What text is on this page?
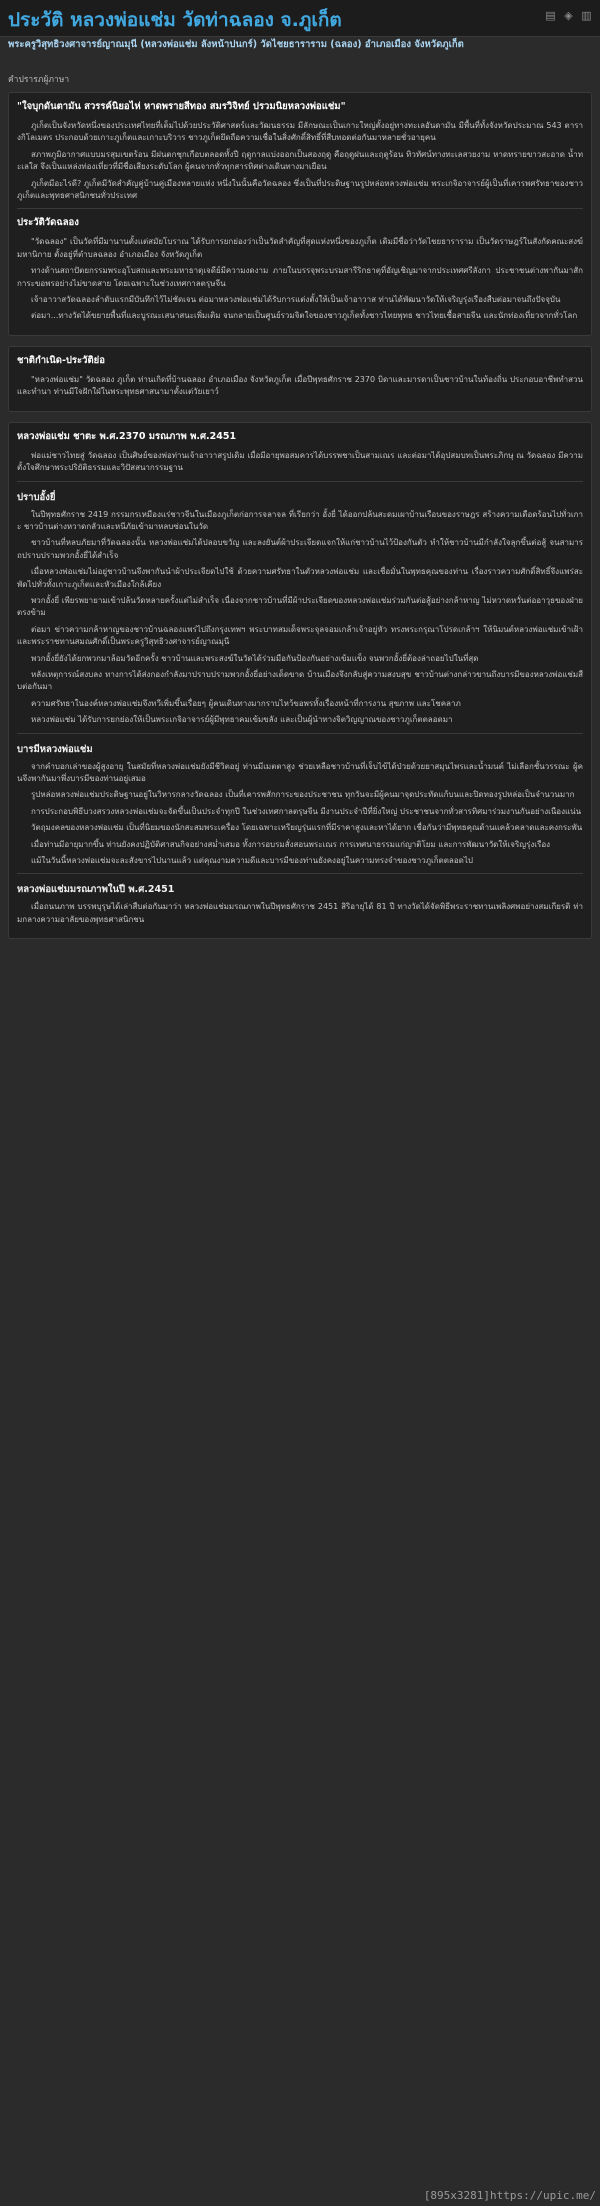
ประวัติ หลวงพ่อแช่ม วัดท่าฉลอง จ.ภูเก็ต	▤ ◈ ▥
พระครูวิสุทธิวงศาจารย์ญาณมุนี (หลวงพ่อแช่ม ลังหน้าปนกร์) วัดไชยธาราราม (ฉลอง) อำเภอเมือง จังหวัดภูเก็ต
คำปรารภผู้ภาษา
"ใจบุกดันตามัน สวรรค์นิยอไห่ หาดพรายสีทอง สมรวิจิทย์ ปรวมนิยหลวงพ่อแช่ม"

ภูเก็ตเป็นจังหวัดหนึ่งของประเทศไทยที่เต็มไปด้วยประวัติศาสตร์และวัฒนธรรม มีลักษณะเป็นเกาะใหญ่ตั้งอยู่ทางทะเลอันดามัน มีพื้นที่ทั้งจังหวัดประมาณ 543 ตารางกิโลเมตร ประกอบด้วยเกาะภูเก็ตและเกาะบริวาร ชาวภูเก็ตยึดถือความเชื่อในสิ่งศักดิ์สิทธิ์ที่สืบทอดต่อกันมาหลายชั่วอายุคน

สภาพภูมิอากาศแบบมรสุมเขตร้อน มีฝนตกชุกเกือบตลอดทั้งปี ฤดูกาลแบ่งออกเป็นสองฤดู คือฤดูฝนและฤดูร้อน ทิวทัศน์ทางทะเลสวยงาม หาดทรายขาวสะอาด น้ำทะเลใส จึงเป็นแหล่งท่องเที่ยวที่มีชื่อเสียงระดับโลก ผู้คนจากทั่วทุกสารทิศต่างเดินทางมาเยือน

ภูเก็ตมีอะไรดี? ภูเก็ตมีวัดสำคัญคู่บ้านคู่เมืองหลายแห่ง หนึ่งในนั้นคือวัดฉลอง ซึ่งเป็นที่ประดิษฐานรูปหล่อหลวงพ่อแช่ม พระเกจิอาจารย์ผู้เป็นที่เคารพศรัทธาของชาวภูเก็ตและพุทธศาสนิกชนทั่วประเทศ

ประวัติวัดฉลอง

"วัดฉลอง" เป็นวัดที่มีมานานตั้งแต่สมัยโบราณ ได้รับการยกย่องว่าเป็นวัดสำคัญที่สุดแห่งหนึ่งของภูเก็ต เดิมมีชื่อว่าวัดไชยธาราราม เป็นวัดราษฎร์ในสังกัดคณะสงฆ์มหานิกาย ตั้งอยู่ที่ตำบลฉลอง อำเภอเมือง จังหวัดภูเก็ต

ทางด้านสถาปัตยกรรมพระอุโบสถและพระมหาธาตุเจดีย์มีความงดงาม ภายในบรรจุพระบรมสารีริกธาตุที่อัญเชิญมาจากประเทศศรีลังกา ประชาชนต่างพากันมาสักการะขอพรอย่างไม่ขาดสาย โดยเฉพาะในช่วงเทศกาลตรุษจีน

เจ้าอาวาสวัดฉลองลำดับแรกมีบันทึกไว้ไม่ชัดเจน ต่อมาหลวงพ่อแช่มได้รับการแต่งตั้งให้เป็นเจ้าอาวาส ท่านได้พัฒนาวัดให้เจริญรุ่งเรืองสืบต่อมาจนถึงปัจจุบัน

ต่อมา...ทางวัดได้ขยายพื้นที่และบูรณะเสนาสนะเพิ่มเติม จนกลายเป็นศูนย์รวมจิตใจของชาวภูเก็ตทั้งชาวไทยพุทธ ชาวไทยเชื้อสายจีน และนักท่องเที่ยวจากทั่วโลก

ชาติกำเนิด-ประวัติย่อ

"หลวงพ่อแช่ม" วัดฉลอง ภูเก็ต ท่านเกิดที่บ้านฉลอง อำเภอเมือง จังหวัดภูเก็ต เมื่อปีพุทธศักราช 2370 บิดาและมารดาเป็นชาวบ้านในท้องถิ่น ประกอบอาชีพทำสวนและทำนา ท่านมีใจฝักใฝ่ในพระพุทธศาสนามาตั้งแต่วัยเยาว์

หลวงพ่อแช่ม ชาตะ พ.ศ.2370 มรณภาพ พ.ศ.2451

พ่อแม่ชาวไทยสู่ วัดฉลอง เป็นศิษย์ของพ่อท่านเจ้าอาวาสรูปเดิม เมื่อมีอายุพอสมควรได้บรรพชาเป็นสามเณร และต่อมาได้อุปสมบทเป็นพระภิกษุ ณ วัดฉลอง มีความตั้งใจศึกษาพระปริยัติธรรมและวิปัสสนากรรมฐาน

ปราบอั้งยี่

ในปีพุทธศักราช 2419 กรรมกรเหมืองแร่ชาวจีนในเมืองภูเก็ตก่อการจลาจล ที่เรียกว่า อั้งยี่ ได้ออกปล้นสะดมเผาบ้านเรือนของราษฎร สร้างความเดือดร้อนไปทั่วเกาะ ชาวบ้านต่างหวาดกลัวและหนีภัยเข้ามาหลบซ่อนในวัด

ชาวบ้านที่หลบภัยมาที่วัดฉลองนั้น หลวงพ่อแช่มได้ปลอบขวัญ และลงยันต์ผ้าประเจียดแจกให้แก่ชาวบ้านไว้ป้องกันตัว ทำให้ชาวบ้านมีกำลังใจลุกขึ้นต่อสู้ จนสามารถปราบปรามพวกอั้งยี่ได้สำเร็จ

เมื่อหลวงพ่อแช่มไม่อยู่ชาวบ้านจึงพากันนำผ้าประเจียดไปใช้ ด้วยความศรัทธาในตัวหลวงพ่อแช่ม และเชื่อมั่นในพุทธคุณของท่าน เรื่องราวความศักดิ์สิทธิ์จึงแพร่สะพัดไปทั่วทั้งเกาะภูเก็ตและหัวเมืองใกล้เคียง

พวกอั้งยี่ เพียรพยายามเข้าปล้นวัดหลายครั้งแต่ไม่สำเร็จ เนื่องจากชาวบ้านที่มีผ้าประเจียดของหลวงพ่อแช่มร่วมกันต่อสู้อย่างกล้าหาญ ไม่หวาดหวั่นต่ออาวุธของฝ่ายตรงข้าม

ต่อมา ข่าวความกล้าหาญของชาวบ้านฉลองแพร่ไปถึงกรุงเทพฯ พระบาทสมเด็จพระจุลจอมเกล้าเจ้าอยู่หัว ทรงพระกรุณาโปรดเกล้าฯ ให้นิมนต์หลวงพ่อแช่มเข้าเฝ้า และพระราชทานสมณศักดิ์เป็นพระครูวิสุทธิวงศาจารย์ญาณมุนี

พวกอั้งยี่ยังได้ยกพวกมาล้อมวัดอีกครั้ง ชาวบ้านและพระสงฆ์ในวัดได้ร่วมมือกันป้องกันอย่างเข้มแข็ง จนพวกอั้งยี่ต้องล่าถอยไปในที่สุด

หลังเหตุการณ์สงบลง ทางการได้ส่งกองกำลังมาปราบปรามพวกอั้งยี่อย่างเด็ดขาด บ้านเมืองจึงกลับสู่ความสงบสุข ชาวบ้านต่างกล่าวขานถึงบารมีของหลวงพ่อแช่มสืบต่อกันมา

ความศรัทธาในองค์หลวงพ่อแช่มจึงทวีเพิ่มขึ้นเรื่อยๆ ผู้คนเดินทางมากราบไหว้ขอพรทั้งเรื่องหน้าที่การงาน สุขภาพ และโชคลาภ

หลวงพ่อแช่ม ได้รับการยกย่องให้เป็นพระเกจิอาจารย์ผู้มีพุทธาคมเข้มขลัง และเป็นผู้นำทางจิตวิญญาณของชาวภูเก็ตตลอดมา

บารมีหลวงพ่อแช่ม

จากคำบอกเล่าของผู้สูงอายุ ในสมัยที่หลวงพ่อแช่มยังมีชีวิตอยู่ ท่านมีเมตตาสูง ช่วยเหลือชาวบ้านที่เจ็บไข้ได้ป่วยด้วยยาสมุนไพรและน้ำมนต์ ไม่เลือกชั้นวรรณะ ผู้คนจึงพากันมาพึ่งบารมีของท่านอยู่เสมอ

รูปหล่อหลวงพ่อแช่มประดิษฐานอยู่ในวิหารกลางวัดฉลอง เป็นที่เคารพสักการะของประชาชน ทุกวันจะมีผู้คนมาจุดประทัดแก้บนและปิดทองรูปหล่อเป็นจำนวนมาก

การประกอบพิธีบวงสรวงหลวงพ่อแช่มจะจัดขึ้นเป็นประจำทุกปี ในช่วงเทศกาลตรุษจีน มีงานประจำปีที่ยิ่งใหญ่ ประชาชนจากทั่วสารทิศมาร่วมงานกันอย่างเนืองแน่น

วัตถุมงคลของหลวงพ่อแช่ม เป็นที่นิยมของนักสะสมพระเครื่อง โดยเฉพาะเหรียญรุ่นแรกที่มีราคาสูงและหาได้ยาก เชื่อกันว่ามีพุทธคุณด้านแคล้วคลาดและคงกระพัน

เมื่อท่านมีอายุมากขึ้น ท่านยังคงปฏิบัติศาสนกิจอย่างสม่ำเสมอ ทั้งการอบรมสั่งสอนพระเณร การเทศนาธรรมแก่ญาติโยม และการพัฒนาวัดให้เจริญรุ่งเรือง

แม้ในวันนี้หลวงพ่อแช่มจะละสังขารไปนานแล้ว แต่คุณงามความดีและบารมีของท่านยังคงอยู่ในความทรงจำของชาวภูเก็ตตลอดไป

หลวงพ่อแช่มมรณภาพในปี พ.ศ.2451

เมื่อถนนภาพ บรรพบุรุษได้เล่าสืบต่อกันมาว่า หลวงพ่อแช่มมรณภาพในปีพุทธศักราช 2451 สิริอายุได้ 81 ปี ทางวัดได้จัดพิธีพระราชทานเพลิงศพอย่างสมเกียรติ ท่ามกลางความอาลัยของพุทธศาสนิกชน

[895x3281]https://upic.me/
